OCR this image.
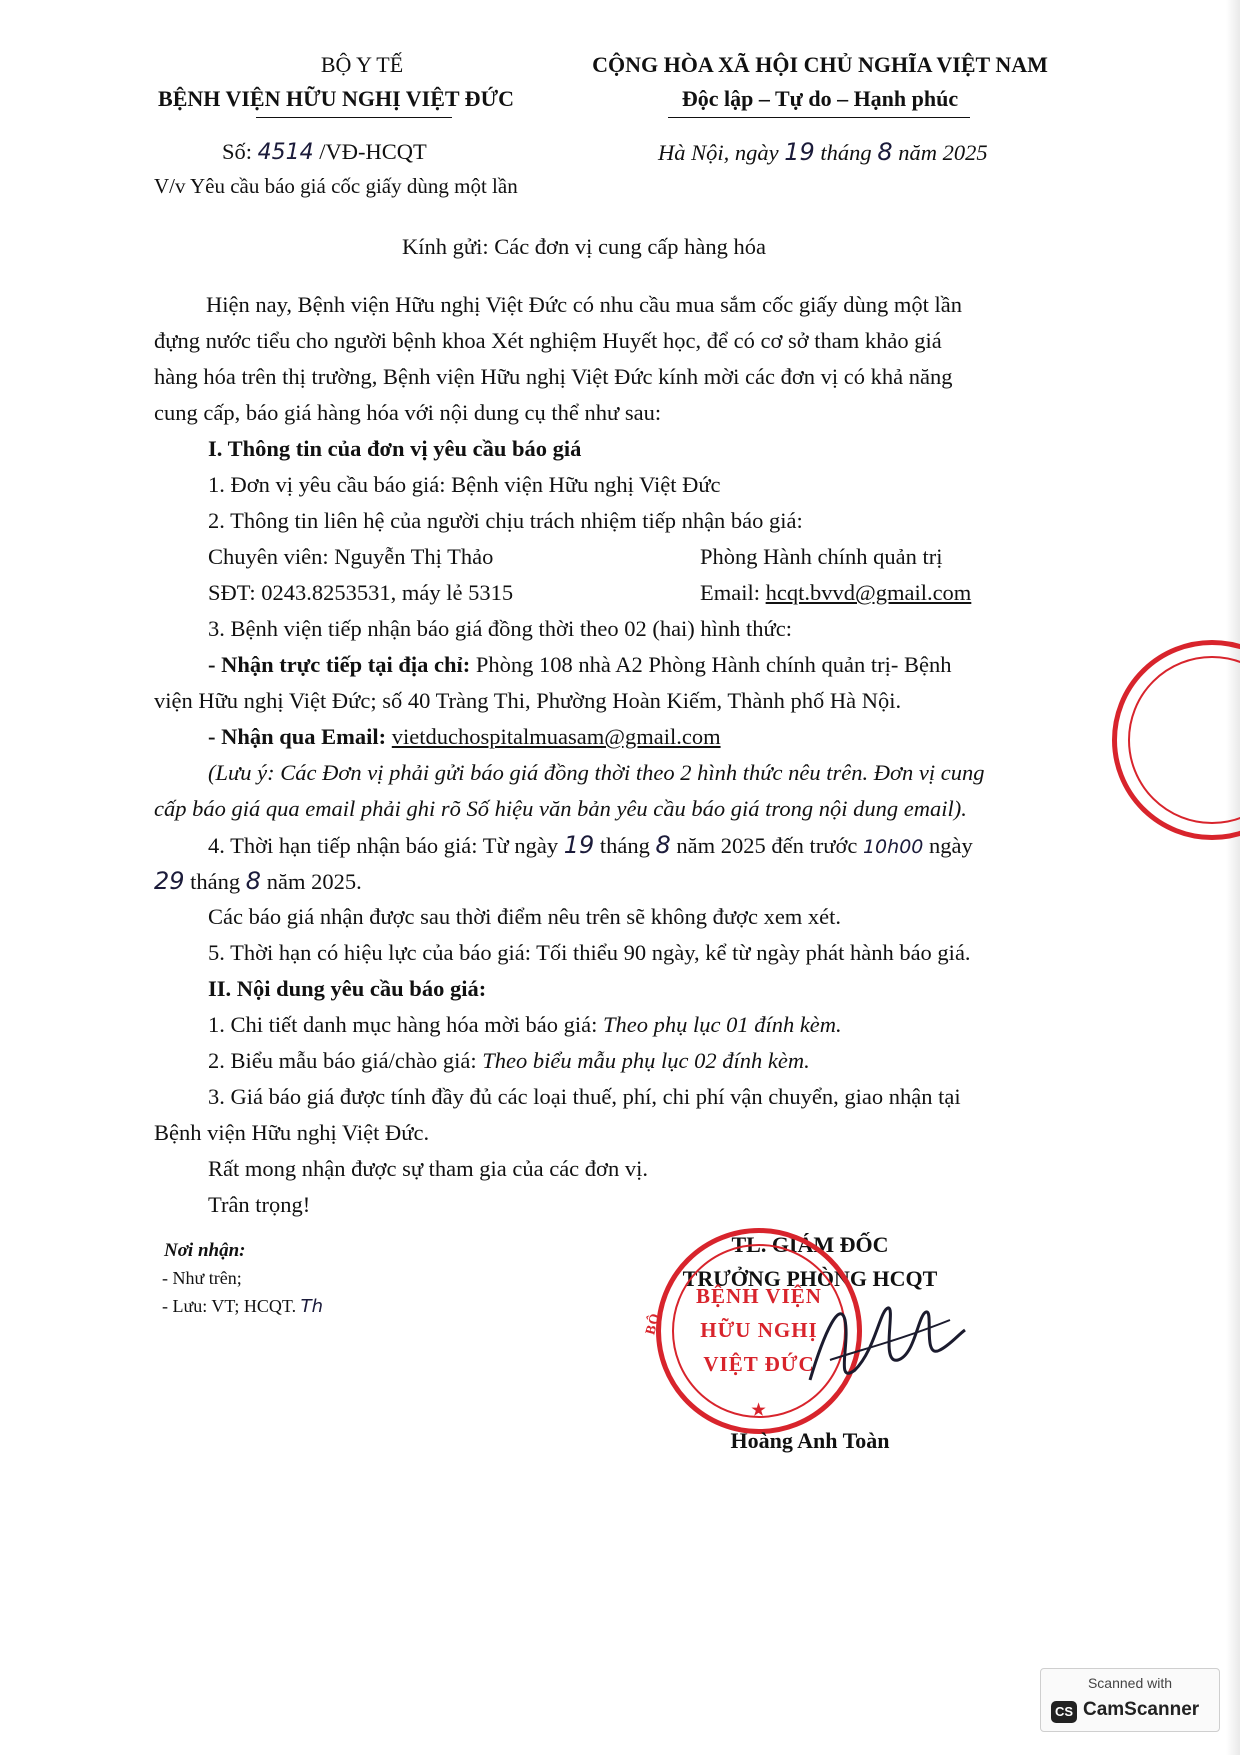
BỘ Y TẾ
BỆNH VIỆN HỮU NGHỊ VIỆT ĐỨC
Số: 4514 /VĐ-HCQT
V/v Yêu cầu báo giá cốc giấy dùng một lần
CỘNG HÒA XÃ HỘI CHỦ NGHĨA VIỆT NAM
Độc lập – Tự do – Hạnh phúc
Hà Nội, ngày 19 tháng 8 năm 2025
Kính gửi: Các đơn vị cung cấp hàng hóa
Hiện nay, Bệnh viện Hữu nghị Việt Đức có nhu cầu mua sắm cốc giấy dùng một lần
đựng nước tiểu cho người bệnh khoa Xét nghiệm Huyết học, để có cơ sở tham khảo giá
hàng hóa trên thị trường, Bệnh viện Hữu nghị Việt Đức kính mời các đơn vị có khả năng
cung cấp, báo giá hàng hóa với nội dung cụ thể như sau:
I. Thông tin của đơn vị yêu cầu báo giá
1. Đơn vị yêu cầu báo giá: Bệnh viện Hữu nghị Việt Đức
2. Thông tin liên hệ của người chịu trách nhiệm tiếp nhận báo giá:
Chuyên viên: Nguyễn Thị Thảo	Phòng Hành chính quản trị
SĐT: 0243.8253531, máy lẻ 5315	Email: hcqt.bvvd@gmail.com
3. Bệnh viện tiếp nhận báo giá đồng thời theo 02 (hai) hình thức:
- Nhận trực tiếp tại địa chỉ: Phòng 108 nhà A2 Phòng Hành chính quản trị- Bệnh
viện Hữu nghị Việt Đức; số 40 Tràng Thi, Phường Hoàn Kiếm, Thành phố Hà Nội.
- Nhận qua Email: vietduchospitalmuasam@gmail.com
(Lưu ý: Các Đơn vị phải gửi báo giá đồng thời theo 2 hình thức nêu trên. Đơn vị cung
cấp báo giá qua email phải ghi rõ Số hiệu văn bản yêu cầu báo giá trong nội dung email).
4. Thời hạn tiếp nhận báo giá: Từ ngày 19 tháng 8 năm 2025 đến trước 10h00 ngày
29 tháng 8 năm 2025.
Các báo giá nhận được sau thời điểm nêu trên sẽ không được xem xét.
5. Thời hạn có hiệu lực của báo giá: Tối thiểu 90 ngày, kể từ ngày phát hành báo giá.
II. Nội dung yêu cầu báo giá:
1. Chi tiết danh mục hàng hóa mời báo giá: Theo phụ lục 01 đính kèm.
2. Biểu mẫu báo giá/chào giá: Theo biểu mẫu phụ lục 02 đính kèm.
3. Giá báo giá được tính đầy đủ các loại thuế, phí, chi phí vận chuyển, giao nhận tại
Bệnh viện Hữu nghị Việt Đức.
Rất mong nhận được sự tham gia của các đơn vị.
Trân trọng!
Nơi nhận:
- Như trên;
- Lưu: VT; HCQT. Th
TL. GIÁM ĐỐC
TRƯỞNG PHÒNG HCQT
BỆNH VIỆN
HỮU NGHỊ
VIỆT ĐỨC
BỘ
★
Hoàng Anh Toàn
Scanned with
CS CamScanner
